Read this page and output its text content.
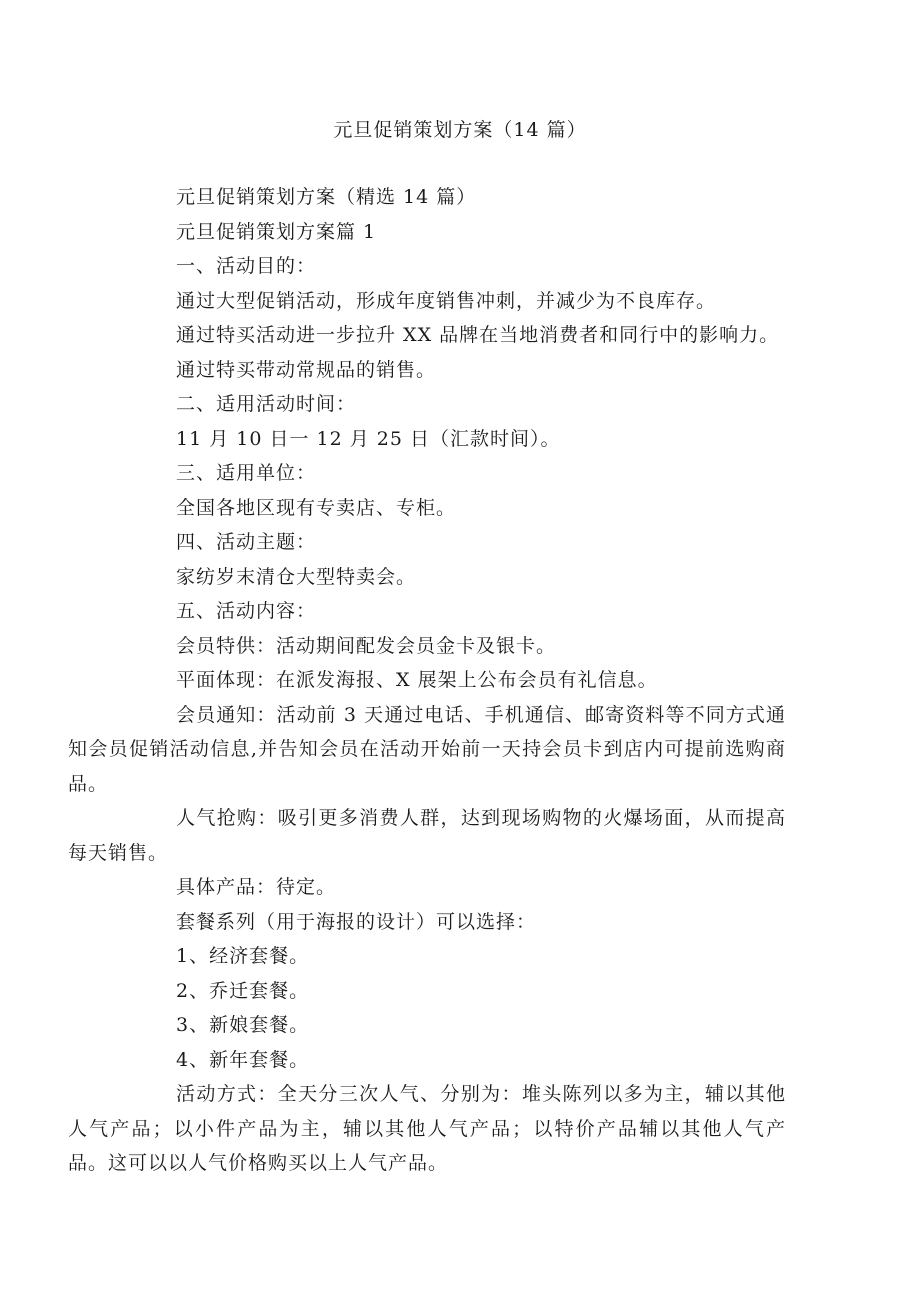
元旦促销策划方案（14 篇）
元旦促销策划方案（精选 14 篇）
元旦促销策划方案篇 1
一、活动目的：
通过大型促销活动，形成年度销售冲刺，并减少为不良库存。
通过特买活动进一步拉升 XX 品牌在当地消费者和同行中的影响力。
通过特买带动常规品的销售。
二、适用活动时间：
11 月 10 日一 12 月 25 日（汇款时间）。
三、适用单位：
全国各地区现有专卖店、专柜。
四、活动主题：
家纺岁末清仓大型特卖会。
五、活动内容：
会员特供：活动期间配发会员金卡及银卡。
平面体现：在派发海报、X 展架上公布会员有礼信息。
会员通知：活动前 3 天通过电话、手机通信、邮寄资料等不同方式通知会员促销活动信息,并告知会员在活动开始前一天持会员卡到店内可提前选购商品。
人气抢购：吸引更多消费人群，达到现场购物的火爆场面，从而提高每天销售。
具体产品：待定。
套餐系列（用于海报的设计）可以选择：
1、经济套餐。
2、乔迁套餐。
3、新娘套餐。
4、新年套餐。
活动方式：全天分三次人气、分别为：堆头陈列以多为主，辅以其他人气产品；以小件产品为主，辅以其他人气产品；以特价产品辅以其他人气产品。这可以以人气价格购买以上人气产品。
